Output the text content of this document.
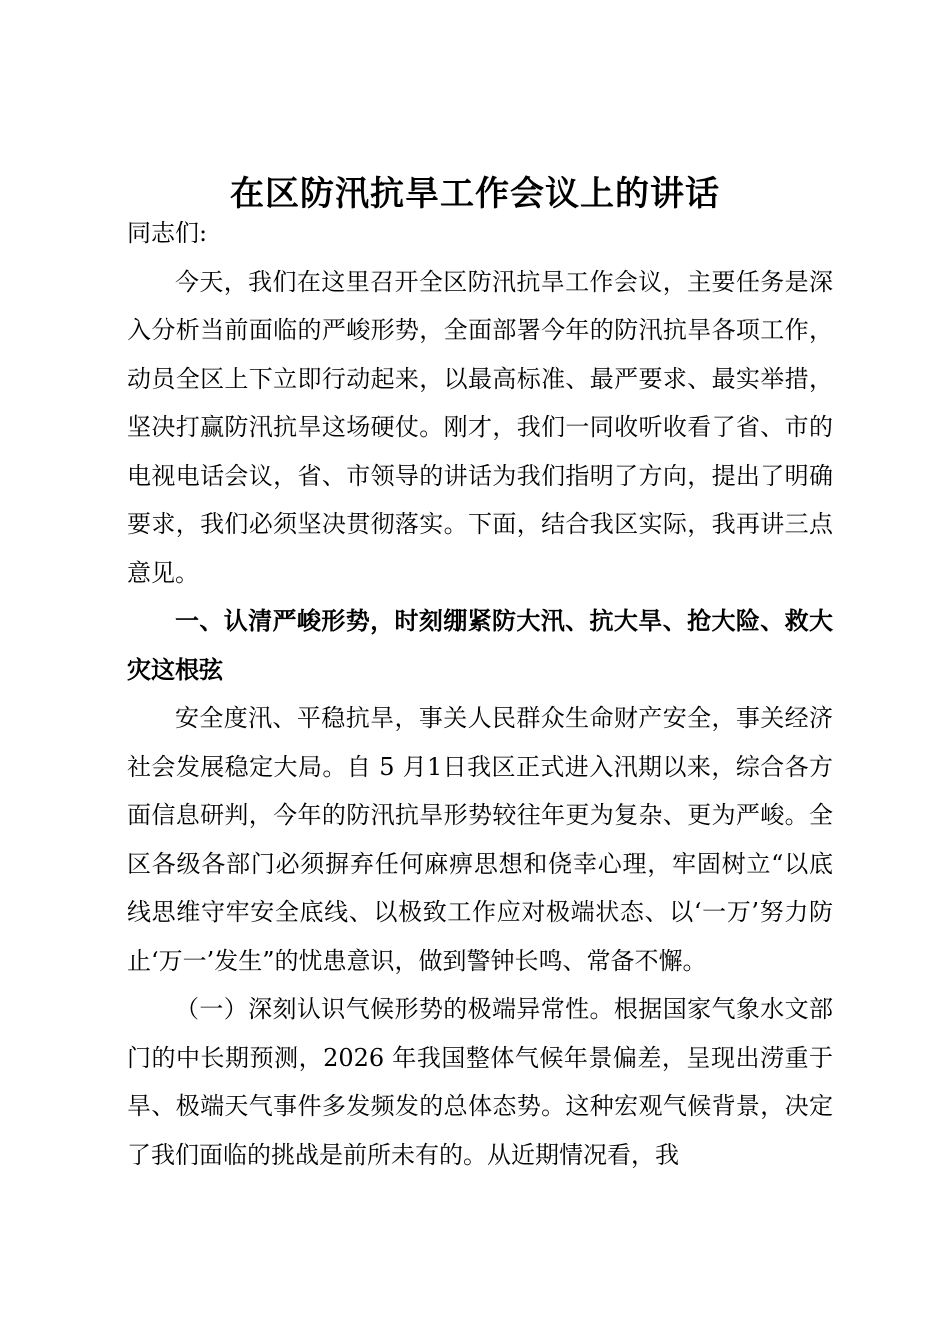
在区防汛抗旱工作会议上的讲话

同志们:

今天，我们在这里召开全区防汛抗旱工作会议，主要任务是深入分析当前面临的严峻形势，全面部署今年的防汛抗旱各项工作，动员全区上下立即行动起来，以最高标准、最严要求、最实举措，坚决打赢防汛抗旱这场硬仗。刚才，我们一同收听收看了省、市的电视电话会议，省、市领导的讲话为我们指明了方向，提出了明确要求，我们必须坚决贯彻落实。下面，结合我区实际，我再讲三点意见。

一、认清严峻形势，时刻绷紧防大汛、抗大旱、抢大险、救大灾这根弦

安全度汛、平稳抗旱，事关人民群众生命财产安全，事关经济社会发展稳定大局。自 5 月1日我区正式进入汛期以来，综合各方面信息研判，今年的防汛抗旱形势较往年更为复杂、更为严峻。全区各级各部门必须摒弃任何麻痹思想和侥幸心理，牢固树立“以底线思维守牢安全底线、以极致工作应对极端状态、以‘一万’努力防止‘万一’发生”的忧患意识，做到警钟长鸣、常备不懈。

（一）深刻认识气候形势的极端异常性。根据国家气象水文部门的中长期预测，2026 年我国整体气候年景偏差，呈现出涝重于旱、极端天气事件多发频发的总体态势。这种宏观气候背景，决定了我们面临的挑战是前所未有的。从近期情况看，我
